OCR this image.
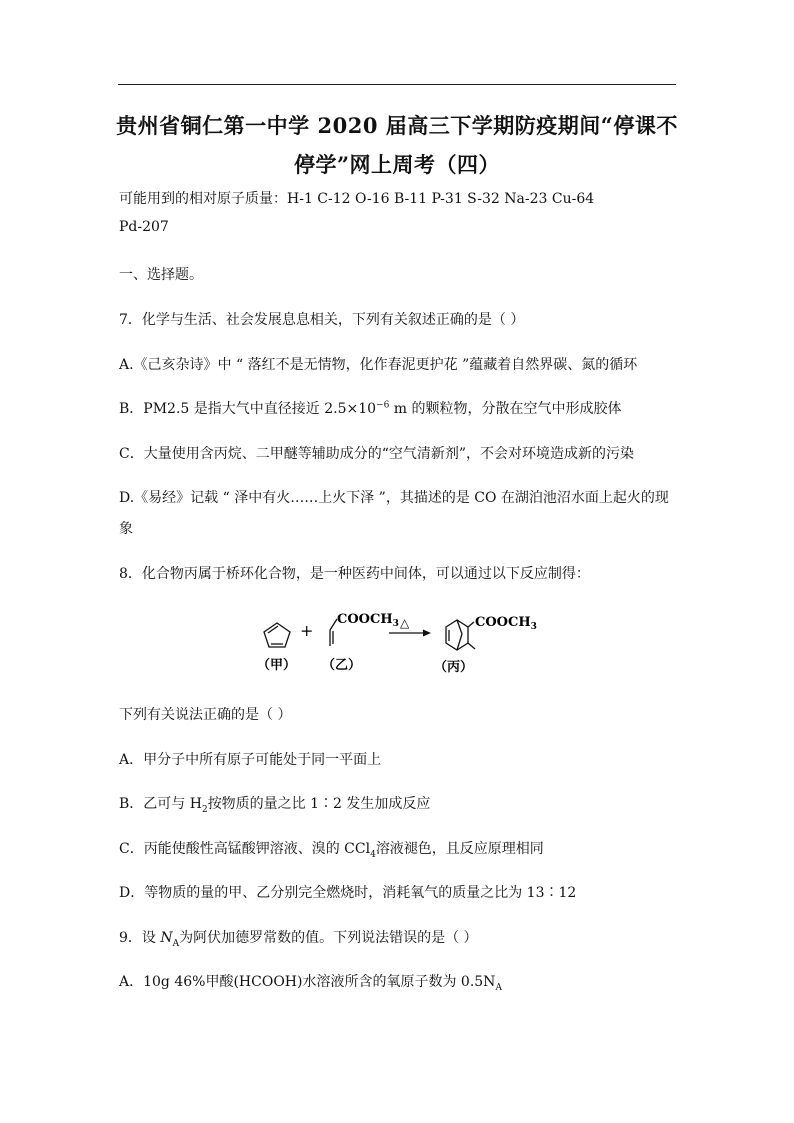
贵州省铜仁第一中学 2020 届高三下学期防疫期间“停课不
停学”网上周考（四）
可能用到的相对原子质量：H-1 C-12 O-16 B-11 P-31 S-32 Na-23 Cu-64
Pd-207
一、选择题。
7．化学与生活、社会发展息息相关，下列有关叙述正确的是（ ）
A.《己亥杂诗》中 “ 落红不是无情物，化作春泥更护花 ”蕴藏着自然界碳、氮的循环
B．PM2.5 是指大气中直径接近 $2.5\times 10^{-6}$ m 的颗粒物，分散在空气中形成胶体
C．大量使用含丙烷、二甲醚等辅助成分的“空气清新剂”，不会对环境造成新的污染
D.《易经》记载 “ 泽中有火……上火下泽 ”，其描述的是 CO 在湖泊池沼水面上起火的现
象
8．化合物丙属于桥环化合物，是一种医药中间体，可以通过以下反应制得：
+
$COOCH_3$ △	$COOCH_3$
（甲） （乙）	（丙）
下列有关说法正确的是（ ）
A．甲分子中所有原子可能处于同一平面上
B．乙可与 $H_2$按物质的量之比 1∶2 发生加成反应
C．丙能使酸性高锰酸钾溶液、溴的 CCl$_4$溶液褪色，且反应原理相同
D．等物质的量的甲、乙分别完全燃烧时，消耗氧气的质量之比为 13∶12
9．设 $N_A$为阿伏加德罗常数的值。下列说法错误的是（ ）
A．10g 46%甲酸(HCOOH)水溶液所含的氧原子数为 $0.5N_A$
